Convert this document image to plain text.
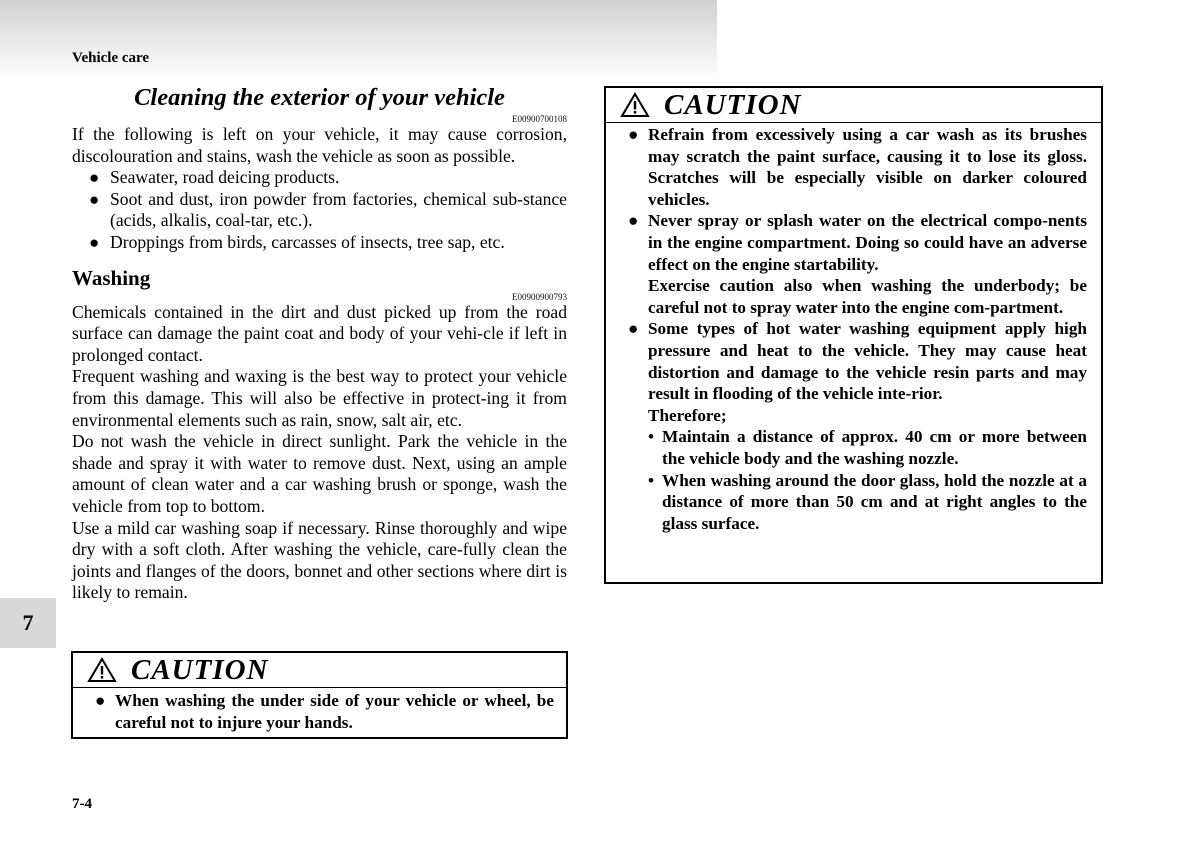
Vehicle care
7
7-4
Cleaning the exterior of your vehicle
E00900700108

If the following is left on your vehicle, it may cause corrosion, discolouration and stains, wash the vehicle as soon as possible.

● Seawater, road deicing products.
● Soot and dust, iron powder from factories, chemical sub-stance (acids, alkalis, coal-tar, etc.).
● Droppings from birds, carcasses of insects, tree sap, etc.
Washing
E00900900793

Chemicals contained in the dirt and dust picked up from the road surface can damage the paint coat and body of your vehi-cle if left in prolonged contact.

Frequent washing and waxing is the best way to protect your vehicle from this damage. This will also be effective in protect-ing it from environmental elements such as rain, snow, salt air, etc.

Do not wash the vehicle in direct sunlight. Park the vehicle in the shade and spray it with water to remove dust. Next, using an ample amount of clean water and a car washing brush or sponge, wash the vehicle from top to bottom.

Use a mild car washing soap if necessary. Rinse thoroughly and wipe dry with a soft cloth. After washing the vehicle, care-fully clean the joints and flanges of the doors, bonnet and other sections where dirt is likely to remain.

CAUTION
● When washing the under side of your vehicle or wheel, be careful not to injure your hands.
CAUTION
● Refrain from excessively using a car wash as its brushes may scratch the paint surface, causing it to lose its gloss. Scratches will be especially visible on darker coloured vehicles.
● Never spray or splash water on the electrical compo-nents in the engine compartment. Doing so could have an adverse effect on the engine startability.
Exercise caution also when washing the underbody; be careful not to spray water into the engine com-partment.
● Some types of hot water washing equipment apply high pressure and heat to the vehicle. They may cause heat distortion and damage to the vehicle resin parts and may result in flooding of the vehicle inte-rior.
Therefore;
• Maintain a distance of approx. 40 cm or more between the vehicle body and the washing nozzle.
• When washing around the door glass, hold the nozzle at a distance of more than 50 cm and at right angles to the glass surface.
